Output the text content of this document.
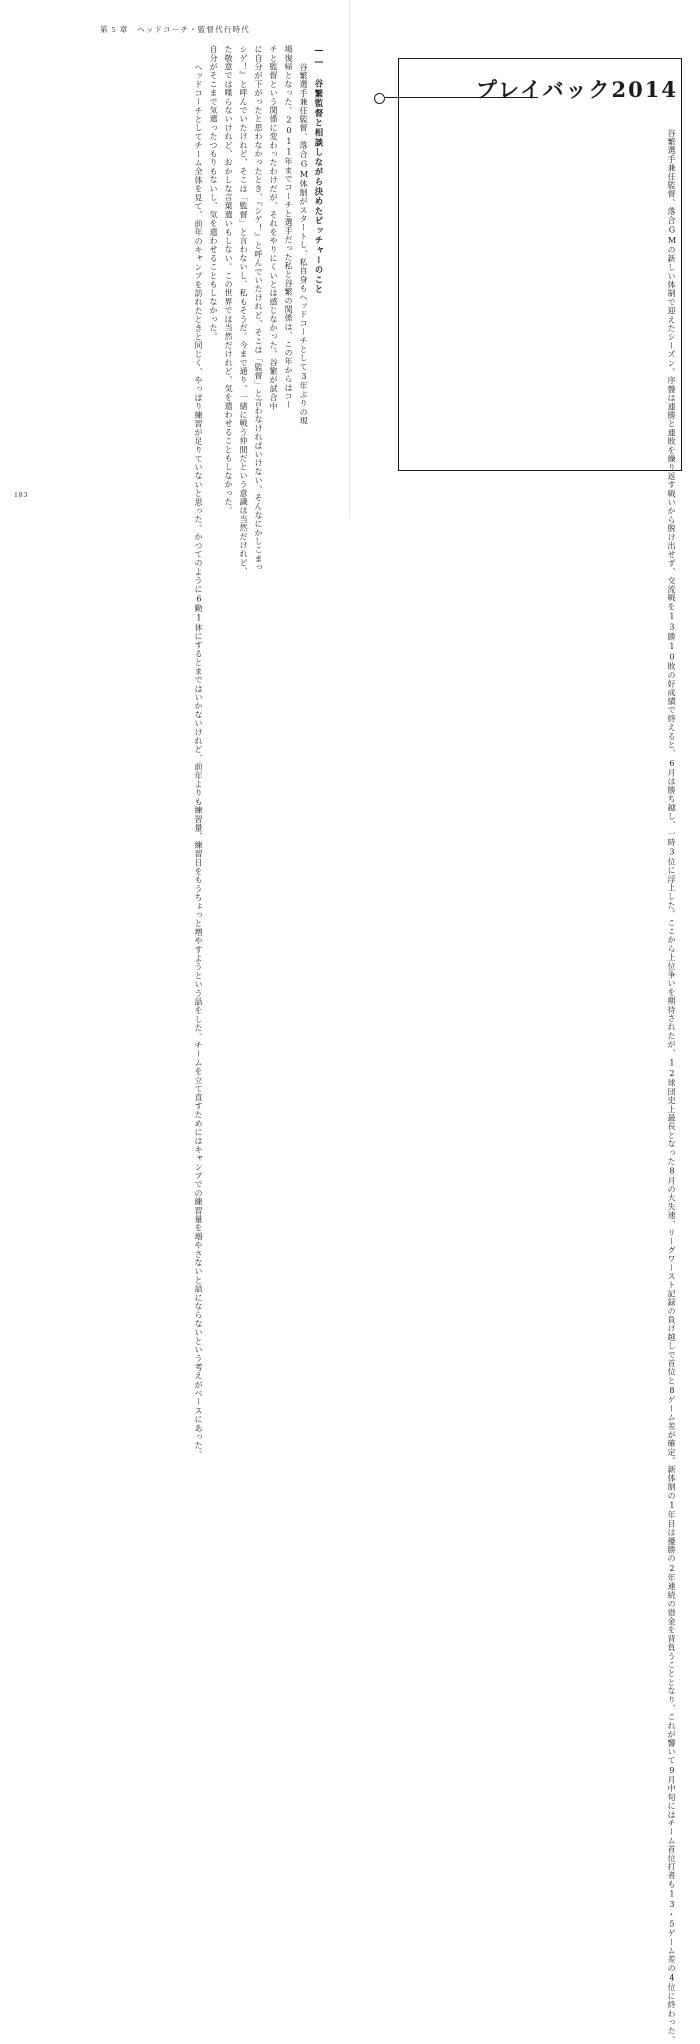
第 5 章　ヘッドコーチ・監督代行時代
183
―― 谷繁監督と相談しながら決めたピッチャーのこと
　谷繁選手兼任監督、落合GM体制がスタートし、私自身もヘッドコーチとして3年ぶりの現
場復帰となった。2011年までコーチと選手だった私と谷繁の関係は、この年からはコー
チと監督という関係に変わったわけだが、それをやりにくいとは感じなかった。谷繁が試合中
に自分が下がったと思わなかったとき、『シゲ！』と呼んでいたけれど、そこは「監督」と言わなければいけない。そんなにかしこまっ
シゲ！』と呼んでいたけれど、そこは「監督」と言わないし、私もそうだ。今まで通り、一緒に戦う仲間だという意識は当然だけれど、
た敬意では喋らないけれど、おかしな言葉遣いもしない。この世界では当然だけれど、気を遣わせることもしなかった。
自分がそこまで気遣ったつもりもないし、気を遣わせることもしなかった。
　ヘッドコーチとしてチーム全体を見て、前年のキャンプを訪れたときと同じく、やっぱり練習が足りていないと思った。かつてのように6勤1休にするとまではいかないけれど、前年よりも練習量、練習日をもうちょっと増やすようという話をした。チームを立て直すためにはキャンプでの練習量を増やさないと話にならないという考えがベースにあった。	プレイバック2014
　谷繁選手兼任監督、落合GMの新しい体制で迎えたシーズン。序盤は連勝と連敗を繰り返す戦いから脱け出せず、交流戦を13勝10敗の好成績で終えると、6月は勝ち越し、一時3位に浮上した。ここから上位争いを期待されたが、12球団史上最長となった8月の大失速、リーグワースト記録の負け越しで首位と8ゲーム差が確定。新体制の1年目は優勝の2年連続の借金を背負うこととなり、これが響いて9月中旬にはチーム首位打者も13・5ゲーム差の4位に終わった。
